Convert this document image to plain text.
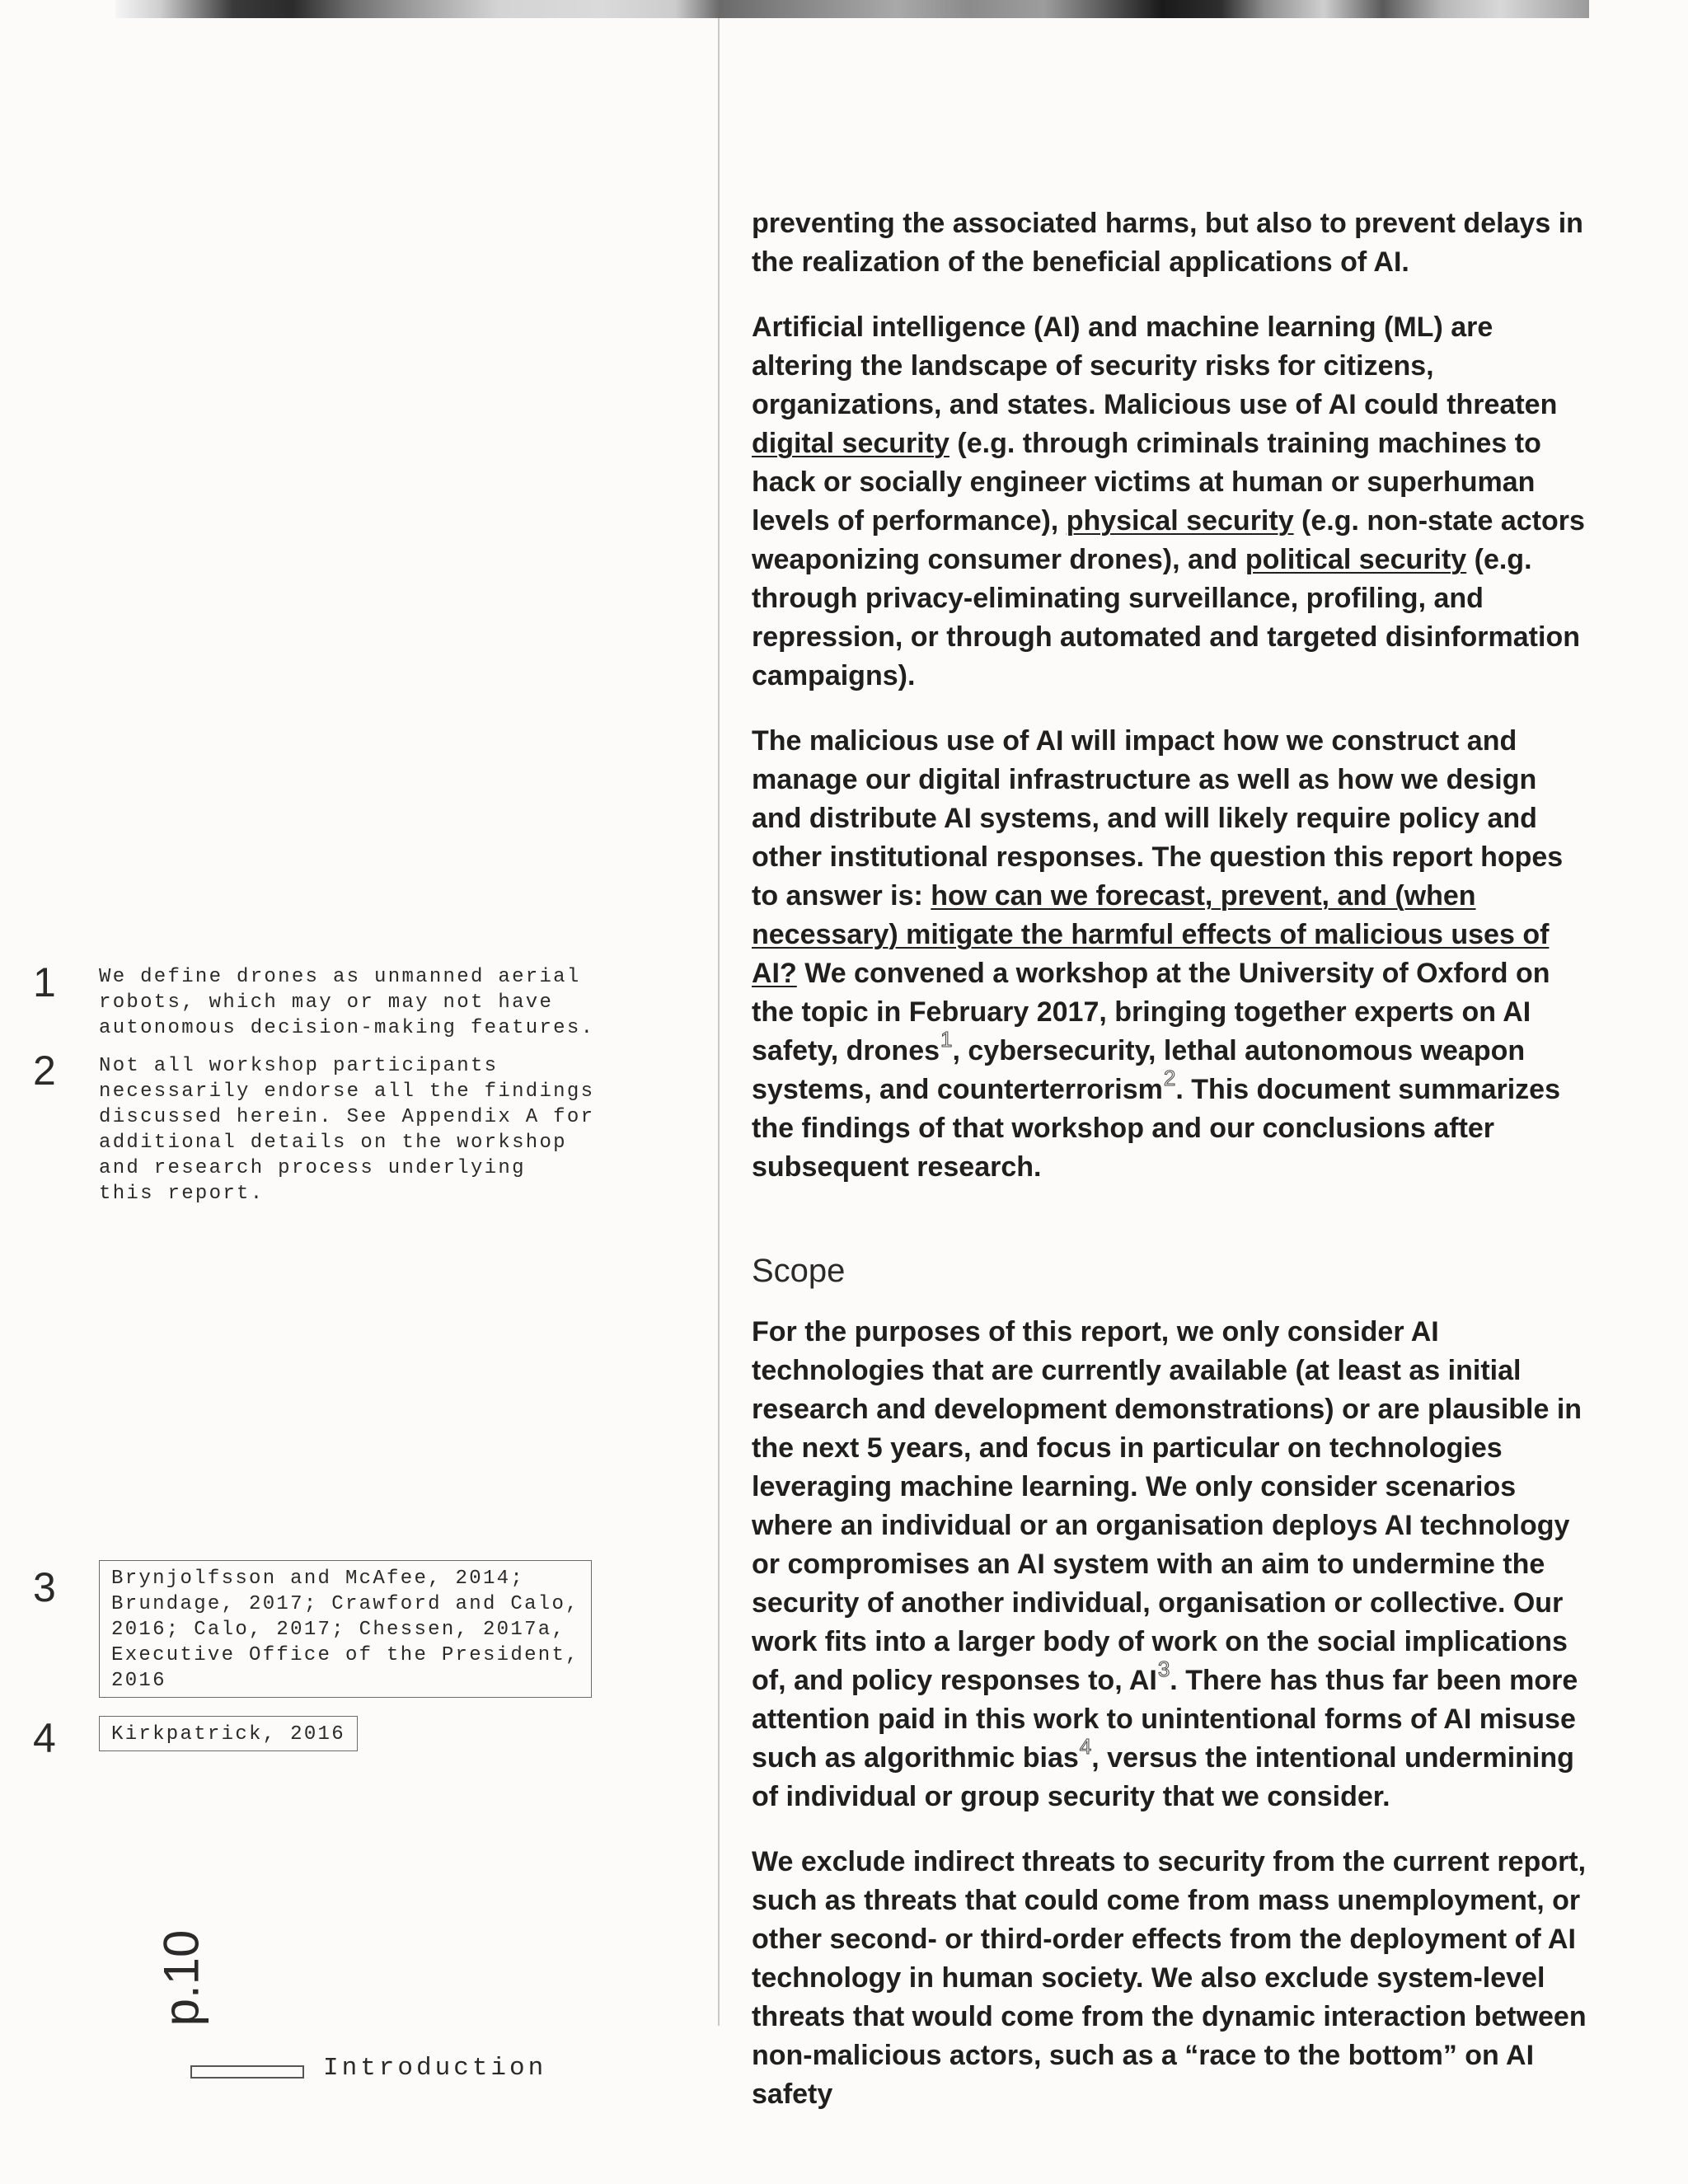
preventing the associated harms, but also to prevent delays in the realization of the beneficial applications of AI.

Artificial intelligence (AI) and machine learning (ML) are altering the landscape of security risks for citizens, organizations, and states. Malicious use of AI could threaten digital security (e.g. through criminals training machines to hack or socially engineer victims at human or superhuman levels of performance), physical security (e.g. non-state actors weaponizing consumer drones), and political security (e.g. through privacy-eliminating surveillance, profiling, and repression, or through automated and targeted disinformation campaigns).

The malicious use of AI will impact how we construct and manage our digital infrastructure as well as how we design and distribute AI systems, and will likely require policy and other institutional responses. The question this report hopes to answer is: how can we forecast, prevent, and (when necessary) mitigate the harmful effects of malicious uses of AI? We convened a workshop at the University of Oxford on the topic in February 2017, bringing together experts on AI safety, drones$^1$, cybersecurity, lethal autonomous weapon systems, and counterterrorism$^2$. This document summarizes the findings of that workshop and our conclusions after subsequent research.

Scope

For the purposes of this report, we only consider AI technologies that are currently available (at least as initial research and development demonstrations) or are plausible in the next 5 years, and focus in particular on technologies leveraging machine learning. We only consider scenarios where an individual or an organisation deploys AI technology or compromises an AI system with an aim to undermine the security of another individual, organisation or collective. Our work fits into a larger body of work on the social implications of, and policy responses to, AI$^3$. There has thus far been more attention paid in this work to unintentional forms of AI misuse such as algorithmic bias$^4$, versus the intentional undermining of individual or group security that we consider.

We exclude indirect threats to security from the current report, such as threats that could come from mass unemployment, or other second- or third-order effects from the deployment of AI technology in human society. We also exclude system-level threats that would come from the dynamic interaction between non-malicious actors, such as a “race to the bottom” on AI safety

1 We define drones as unmanned aerial
robots, which may or may not have
autonomous decision-making features.
2 Not all workshop participants
necessarily endorse all the findings
discussed herein. See Appendix A for
additional details on the workshop
and research process underlying
this report.
3	Brynjolfsson and McAfee, 2014;
Brundage, 2017; Crawford and Calo,
2016; Calo, 2017; Chessen, 2017a,
Executive Office of the President,
2016
4	Kirkpatrick, 2016
p.10
Introduction
